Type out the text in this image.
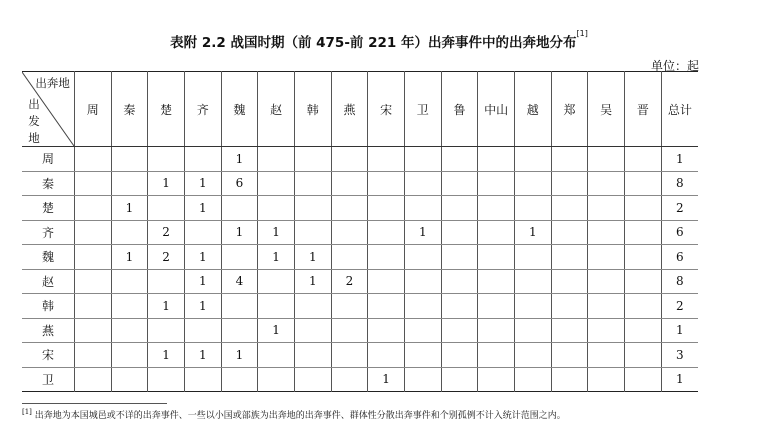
表附 2.2 战国时期（前 475-前 221 年）出奔事件中的出奔地分布[1]
单位：起
出奔地
出发地	周	秦	楚	齐	魏	赵	韩	燕	宋	卫	鲁	中山	越	郑	吴	晋	总计
周					1												1
秦			1	1	6												8
楚		1		1													2
齐			2		1	1				1			1				6
魏		1	2	1		1	1										6
赵				1	4		1	2									8
韩			1	1													2
燕						1											1
宋			1	1	1												3
卫									1								1
[1] 出奔地为本国城邑或不详的出奔事件、一些以小国或部族为出奔地的出奔事件、群体性分散出奔事件和个别孤例不计入统计范围之内。
